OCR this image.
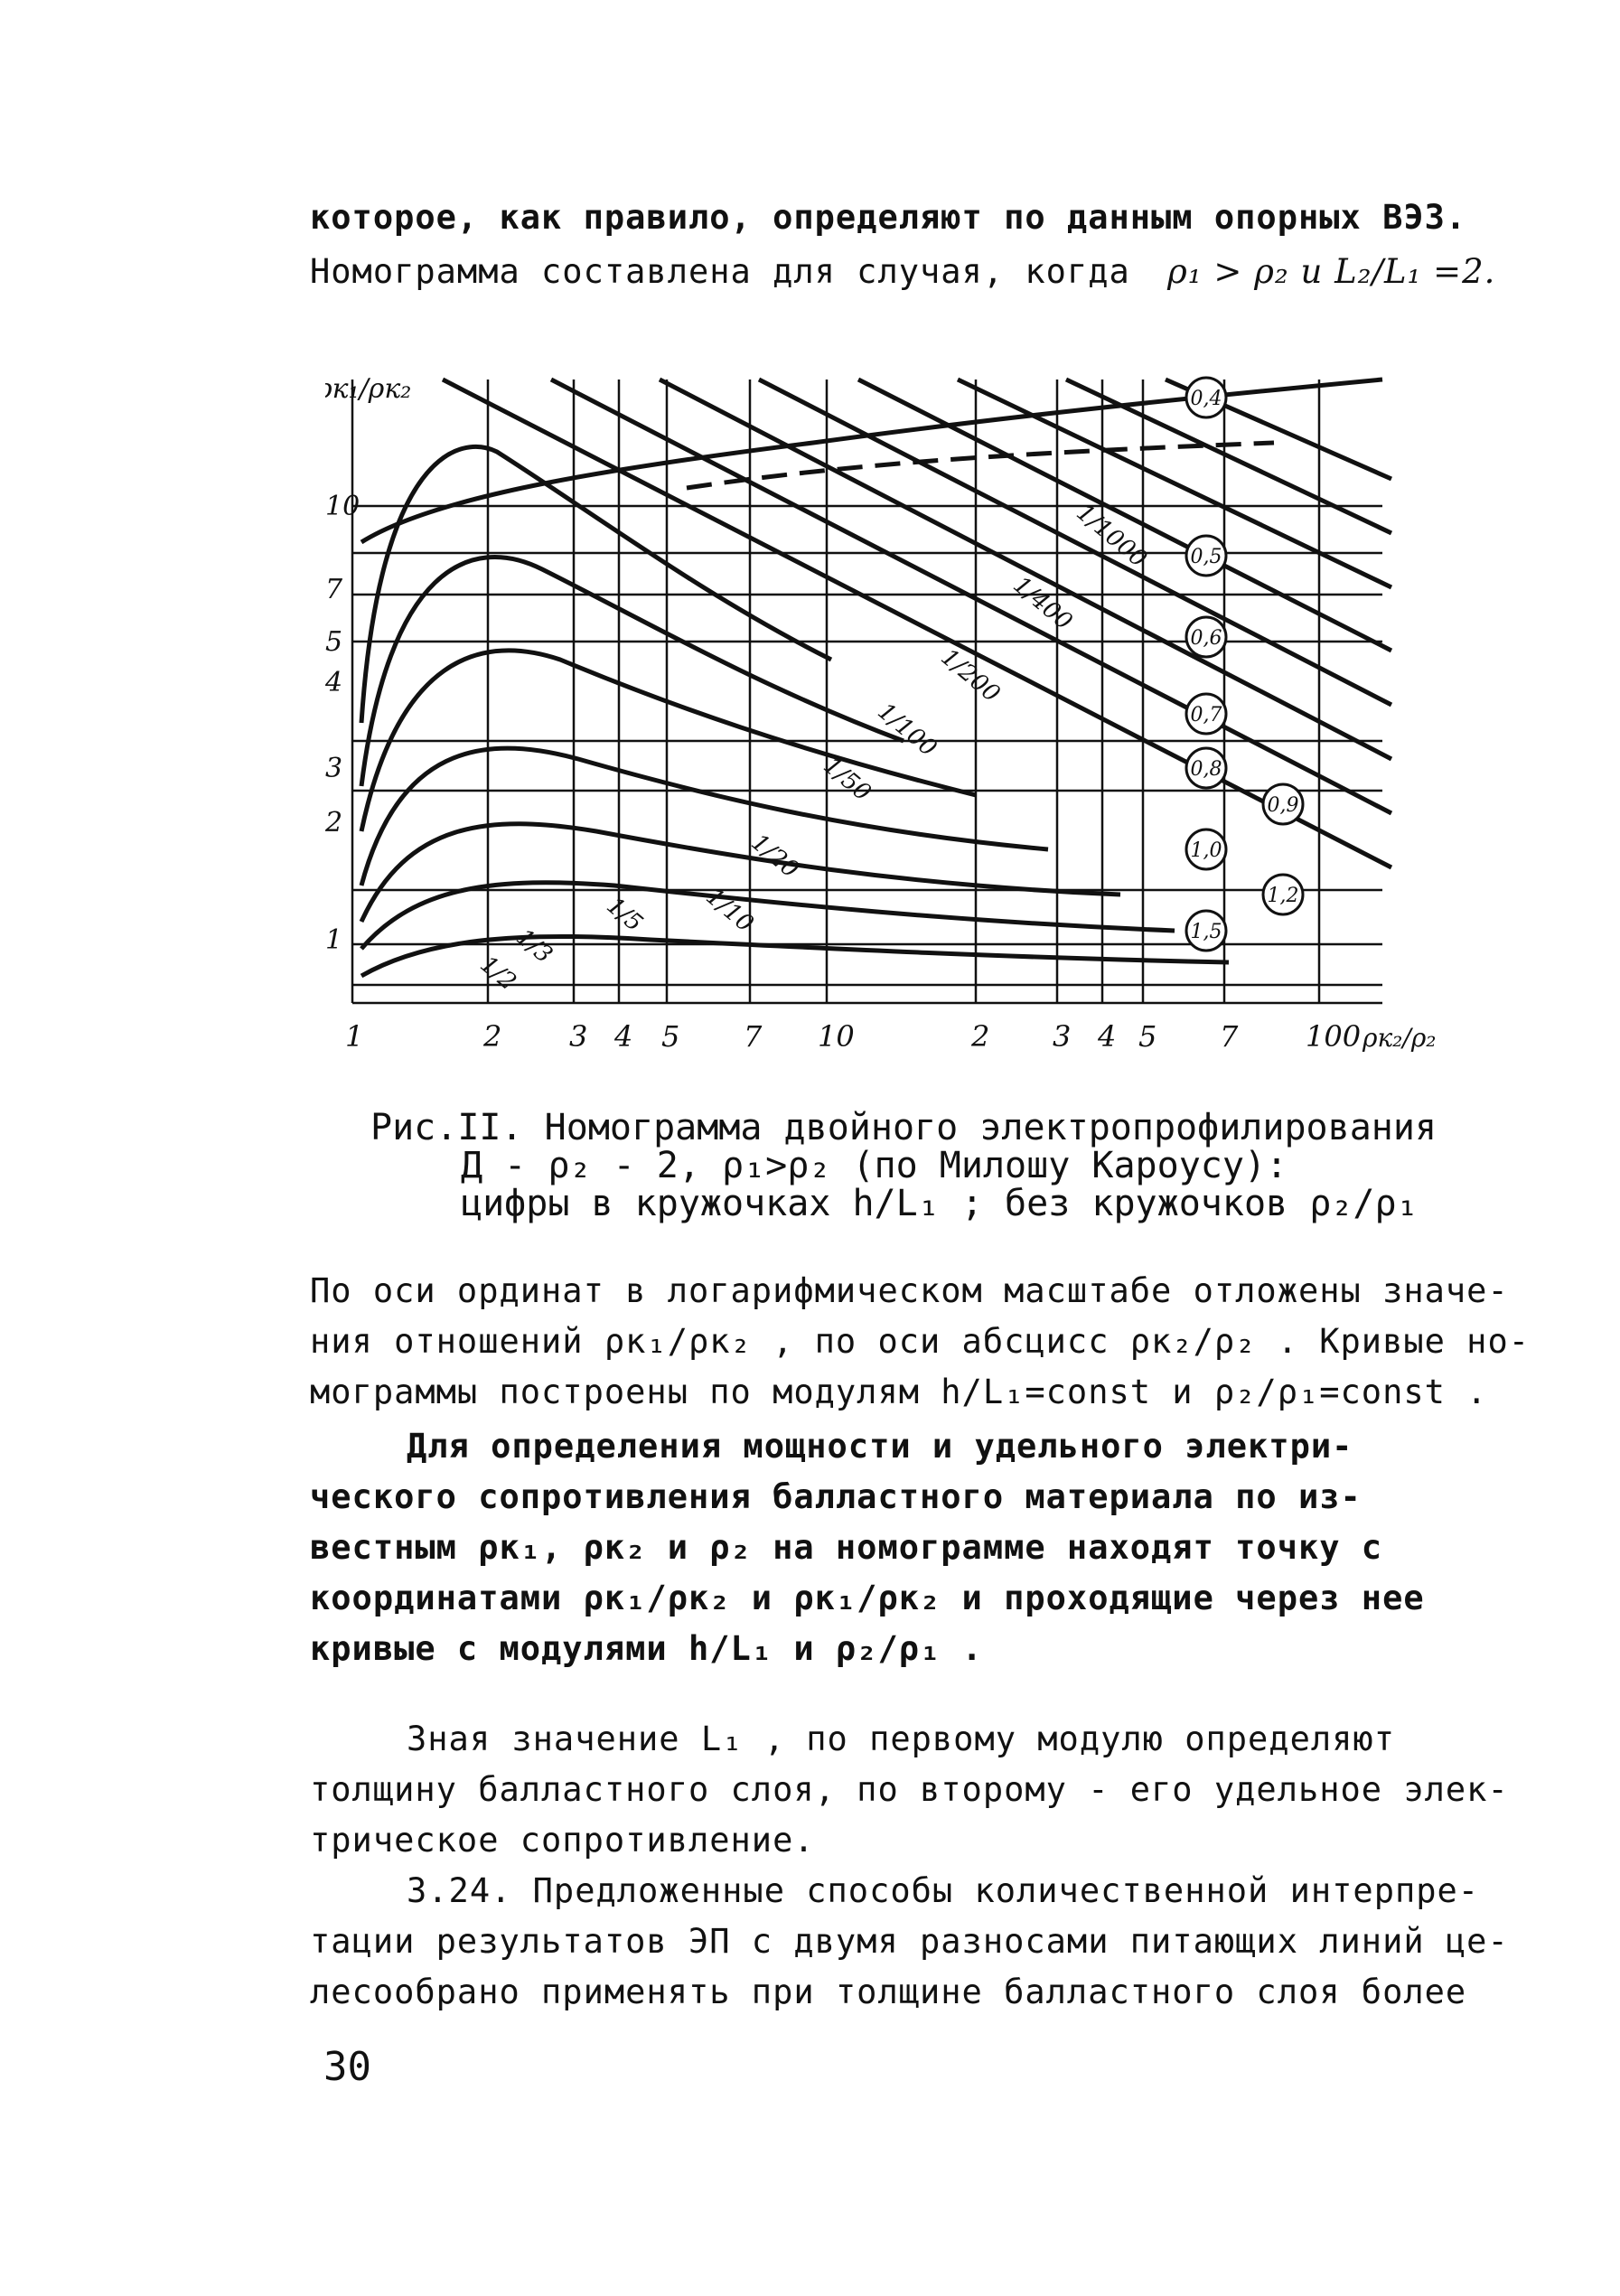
которое, как правило, определяют по данным опорных ВЭЗ.
Номограмма составлена для случая, когда ρ₁ > ρ₂ и L₂/L₁ =2.
ρк₁/ρк₂
10
7
5
4
3
2
1
1	2 3 4 5 7 10	2 3 4 5 7 100 ρк₂/ρ₂
0,4
0,5
0,6
0,7
0,8
0,9
1,0
1,2
1,5
1/1000
1/400
1/200
1/100
1/50
1/20
1/10
1/5
1/3
1/2
Рис.II. Номограмма двойного электропрофилирования
Д - ρ₂ - 2, ρ₁>ρ₂ (по Милошу Кароусу):
цифры в кружочках h/L₁ ; без кружочков ρ₂/ρ₁
По оси ординат в логарифмическом масштабе отложены значе-
ния отношений ρк₁/ρк₂ , по оси абсцисс ρк₂/ρ₂ . Кривые но-
мограммы построены по модулям h/L₁=const и ρ₂/ρ₁=const .
Для определения мощности и удельного электри-
ческого сопротивления балластного материала по из-
вестным ρк₁, ρк₂ и ρ₂ на номограмме находят точку с
координатами ρк₁/ρк₂ и ρк₁/ρк₂ и проходящие через нее
кривые с модулями h/L₁ и ρ₂/ρ₁ .
Зная значение L₁ , по первому модулю определяют
толщину балластного слоя, по второму - его удельное элек-
трическое сопротивление.
3.24. Предложенные способы количественной интерпре-
тации результатов ЭП с двумя разносами питающих линий це-
лесообрано применять при толщине балластного слоя более
30
